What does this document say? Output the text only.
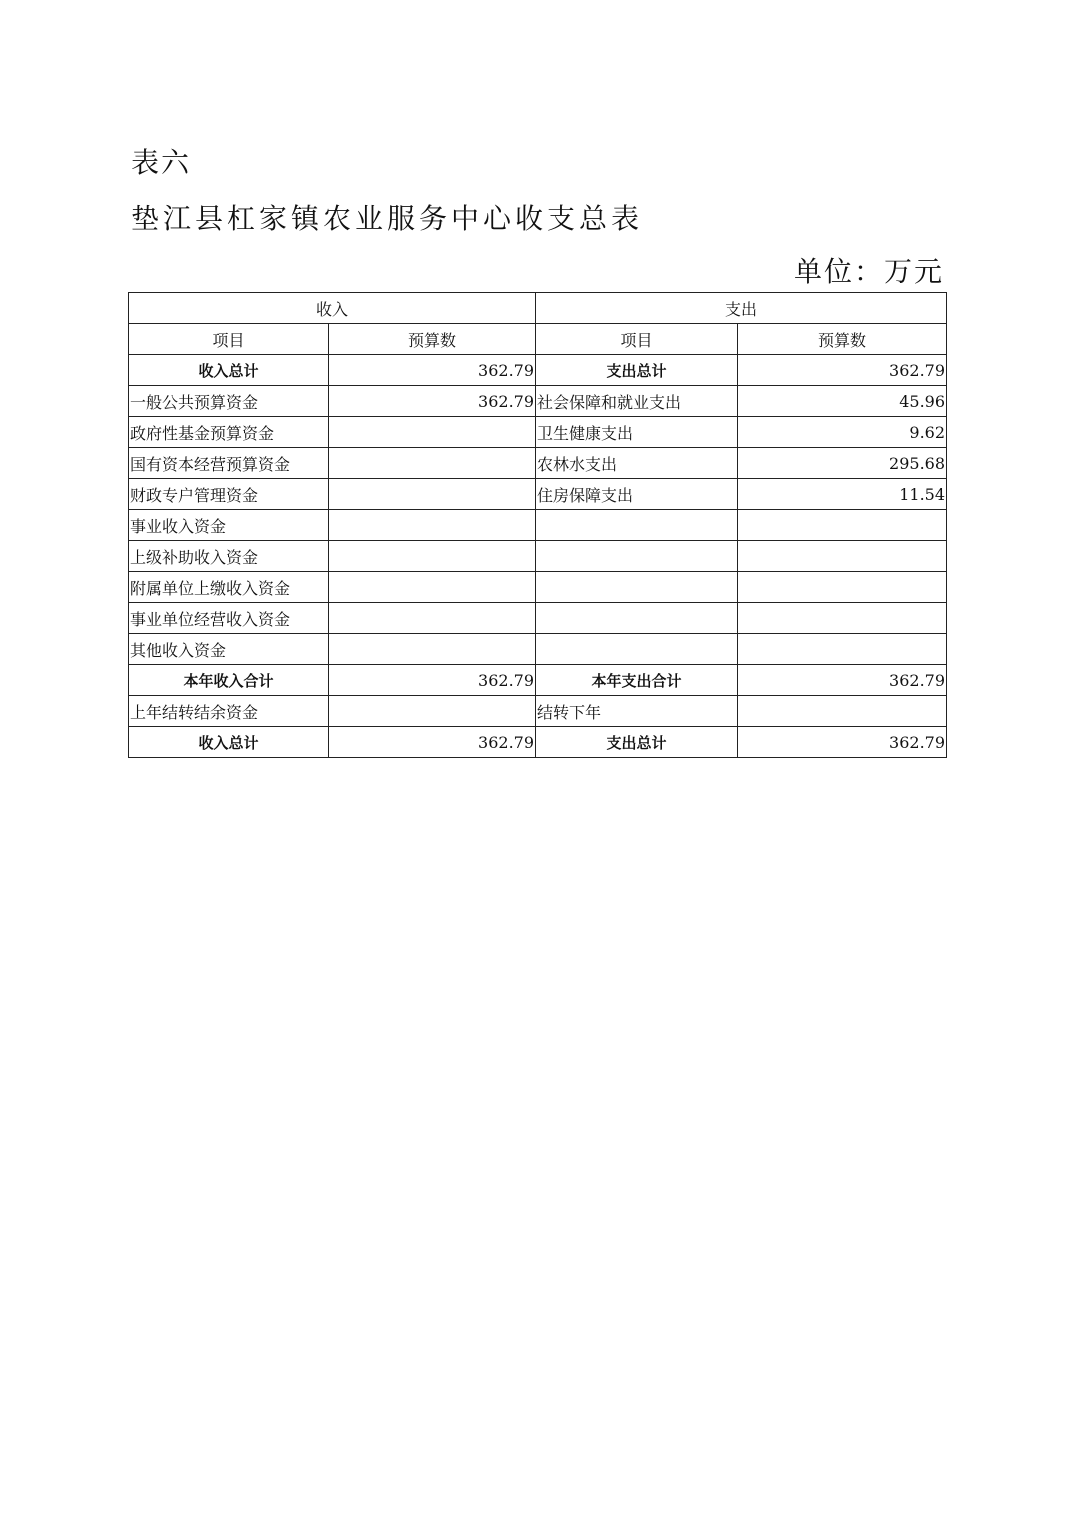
表六
垫江县杠家镇农业服务中心收支总表
单位：万元
收入		支出	
项目	预算数	项目	预算数
收入总计	362.79	支出总计	362.79
一般公共预算资金	362.79	社会保障和就业支出	45.96
政府性基金预算资金		卫生健康支出	9.62
国有资本经营预算资金		农林水支出	295.68
财政专户管理资金		住房保障支出	11.54
事业收入资金			
上级补助收入资金			
附属单位上缴收入资金			
事业单位经营收入资金			
其他收入资金			
本年收入合计	362.79	本年支出合计	362.79
上年结转结余资金		结转下年	
收入总计	362.79	支出总计	362.79
